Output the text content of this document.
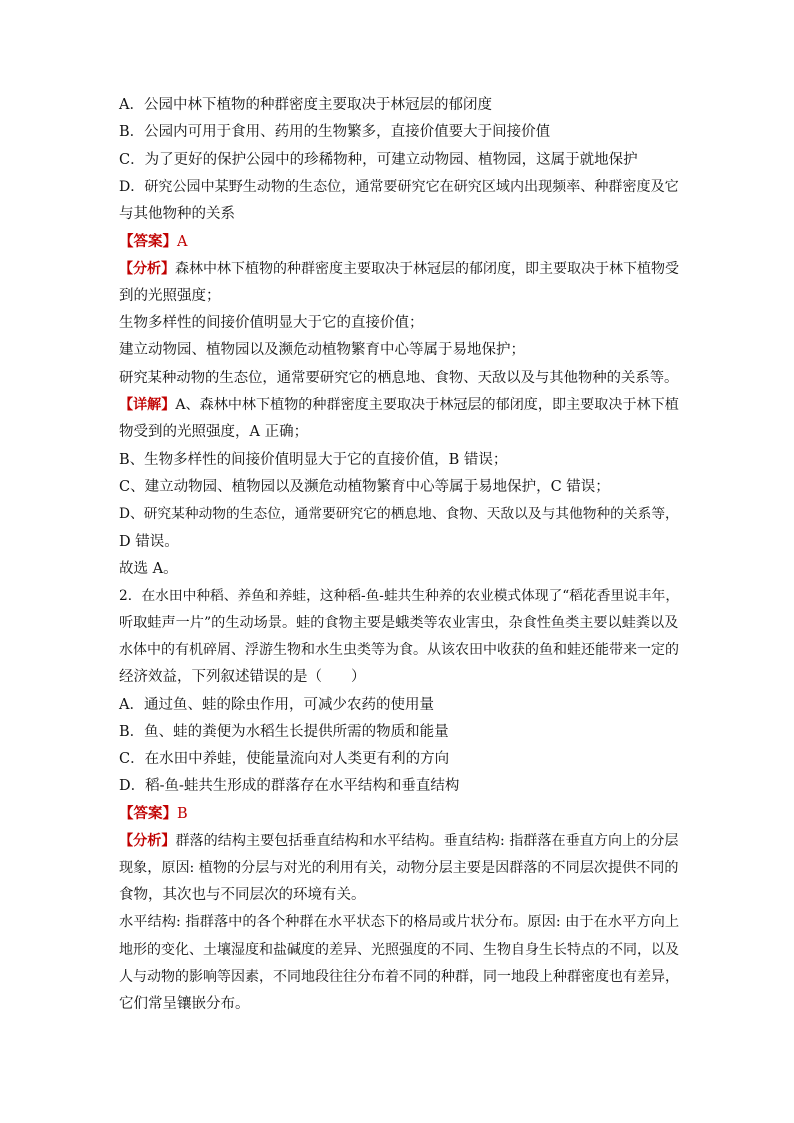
A．公园中林下植物的种群密度主要取决于林冠层的郁闭度
B．公园内可用于食用、药用的生物繁多，直接价值要大于间接价值
C．为了更好的保护公园中的珍稀物种，可建立动物园、植物园，这属于就地保护
D．研究公园中某野生动物的生态位，通常要研究它在研究区域内出现频率、种群密度及它
与其他物种的关系
【答案】A
【分析】森林中林下植物的种群密度主要取决于林冠层的郁闭度，即主要取决于林下植物受
到的光照强度；
生物多样性的间接价值明显大于它的直接价值；
建立动物园、植物园以及濒危动植物繁育中心等属于易地保护；
研究某种动物的生态位，通常要研究它的栖息地、食物、天敌以及与其他物种的关系等。
【详解】A、森林中林下植物的种群密度主要取决于林冠层的郁闭度，即主要取决于林下植
物受到的光照强度，A 正确；
B、生物多样性的间接价值明显大于它的直接价值，B 错误；
C、建立动物园、植物园以及濒危动植物繁育中心等属于易地保护，C 错误；
D、研究某种动物的生态位，通常要研究它的栖息地、食物、天敌以及与其他物种的关系等，
D 错误。
故选 A。
2．在水田中种稻、养鱼和养蛙，这种稻-鱼-蛙共生种养的农业模式体现了“稻花香里说丰年，
听取蛙声一片”的生动场景。蛙的食物主要是蛾类等农业害虫，杂食性鱼类主要以蛙粪以及
水体中的有机碎屑、浮游生物和水生虫类等为食。从该农田中收获的鱼和蛙还能带来一定的
经济效益，下列叙述错误的是（　　）
A．通过鱼、蛙的除虫作用，可减少农药的使用量
B．鱼、蛙的粪便为水稻生长提供所需的物质和能量
C．在水田中养蛙，使能量流向对人类更有利的方向
D．稻-鱼-蛙共生形成的群落存在水平结构和垂直结构
【答案】B
【分析】群落的结构主要包括垂直结构和水平结构。垂直结构: 指群落在垂直方向上的分层
现象，原因: 植物的分层与对光的利用有关，动物分层主要是因群落的不同层次提供不同的
食物，其次也与不同层次的环境有关。
水平结构: 指群落中的各个种群在水平状态下的格局或片状分布。原因: 由于在水平方向上
地形的变化、土壤湿度和盐碱度的差异、光照强度的不同、生物自身生长特点的不同，以及
人与动物的影响等因素，不同地段往往分布着不同的种群，同一地段上种群密度也有差异，
它们常呈镶嵌分布。
